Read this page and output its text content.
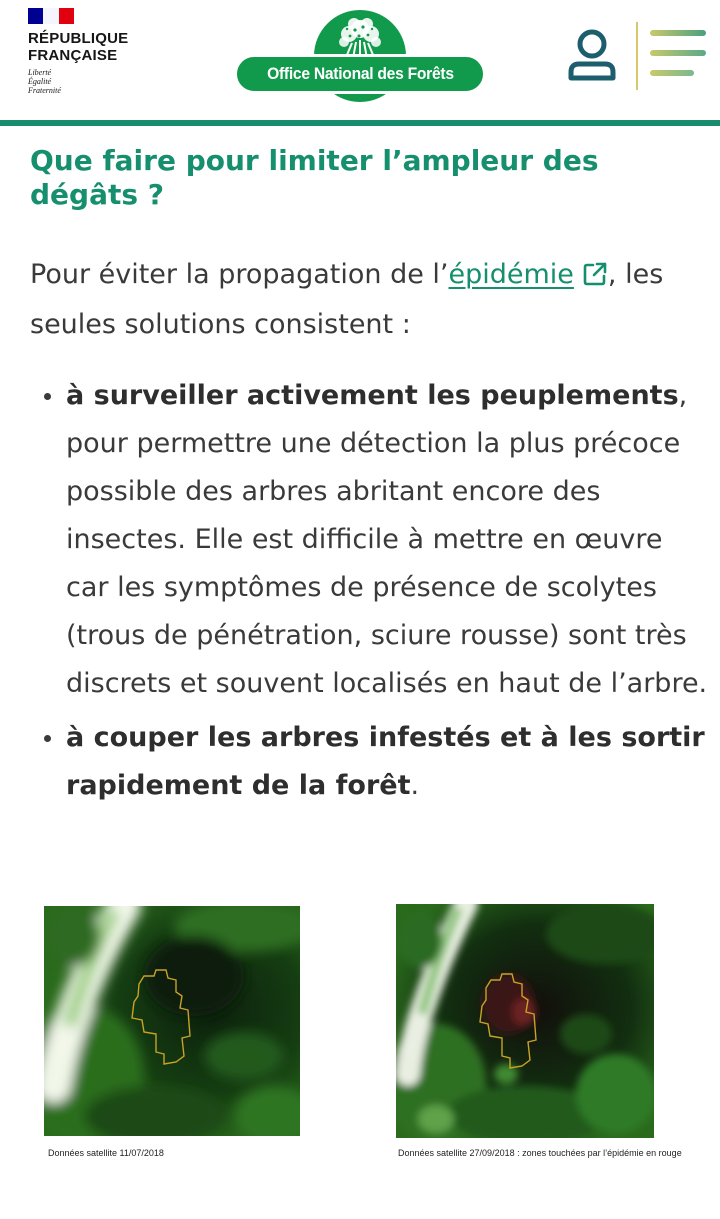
RÉPUBLIQUE
FRANÇAISE
Liberté
Égalité
Fraternité
Office National des Forêts
Que faire pour limiter l’ampleur des dégâts ?

Pour éviter la propagation de l’épidémie , les seules solutions consistent :

à surveiller activement les peuplements, pour permettre une détection la plus précoce possible des arbres abritant encore des insectes. Elle est difficile à mettre en œuvre car les symptômes de présence de scolytes (trous de pénétration, sciure rousse) sont très discrets et souvent localisés en haut de l’arbre.
à couper les arbres infestés et à les sortir rapidement de la forêt.
Données satellite 11/07/2018	Données satellite 27/09/2018 : zones touchées par l’épidémie en rouge
